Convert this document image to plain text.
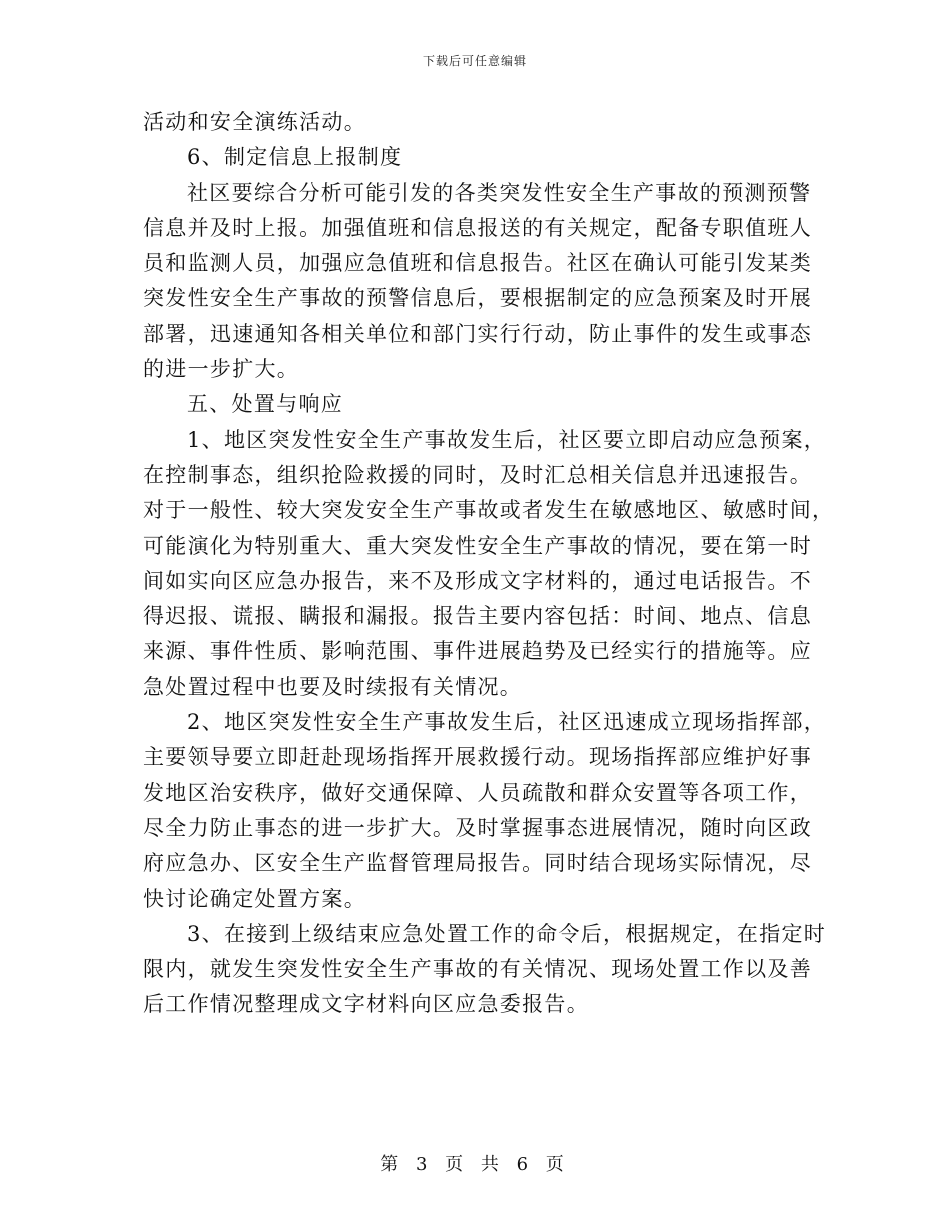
下载后可任意编辑
活动和安全演练活动。
6、制定信息上报制度
社区要综合分析可能引发的各类突发性安全生产事故的预测预警
信息并及时上报。加强值班和信息报送的有关规定，配备专职值班人
员和监测人员，加强应急值班和信息报告。社区在确认可能引发某类
突发性安全生产事故的预警信息后，要根据制定的应急预案及时开展
部署，迅速通知各相关单位和部门实行行动，防止事件的发生或事态
的进一步扩大。
五、处置与响应
1、地区突发性安全生产事故发生后，社区要立即启动应急预案，
在控制事态，组织抢险救援的同时，及时汇总相关信息并迅速报告。
对于一般性、较大突发安全生产事故或者发生在敏感地区、敏感时间，
可能演化为特别重大、重大突发性安全生产事故的情况，要在第一时
间如实向区应急办报告，来不及形成文字材料的，通过电话报告。不
得迟报、谎报、瞒报和漏报。报告主要内容包括：时间、地点、信息
来源、事件性质、影响范围、事件进展趋势及已经实行的措施等。应
急处置过程中也要及时续报有关情况。
2、地区突发性安全生产事故发生后，社区迅速成立现场指挥部，
主要领导要立即赶赴现场指挥开展救援行动。现场指挥部应维护好事
发地区治安秩序，做好交通保障、人员疏散和群众安置等各项工作，
尽全力防止事态的进一步扩大。及时掌握事态进展情况，随时向区政
府应急办、区安全生产监督管理局报告。同时结合现场实际情况，尽
快讨论确定处置方案。
3、在接到上级结束应急处置工作的命令后，根据规定，在指定时
限内，就发生突发性安全生产事故的有关情况、现场处置工作以及善
后工作情况整理成文字材料向区应急委报告。
第 3 页 共 6 页
